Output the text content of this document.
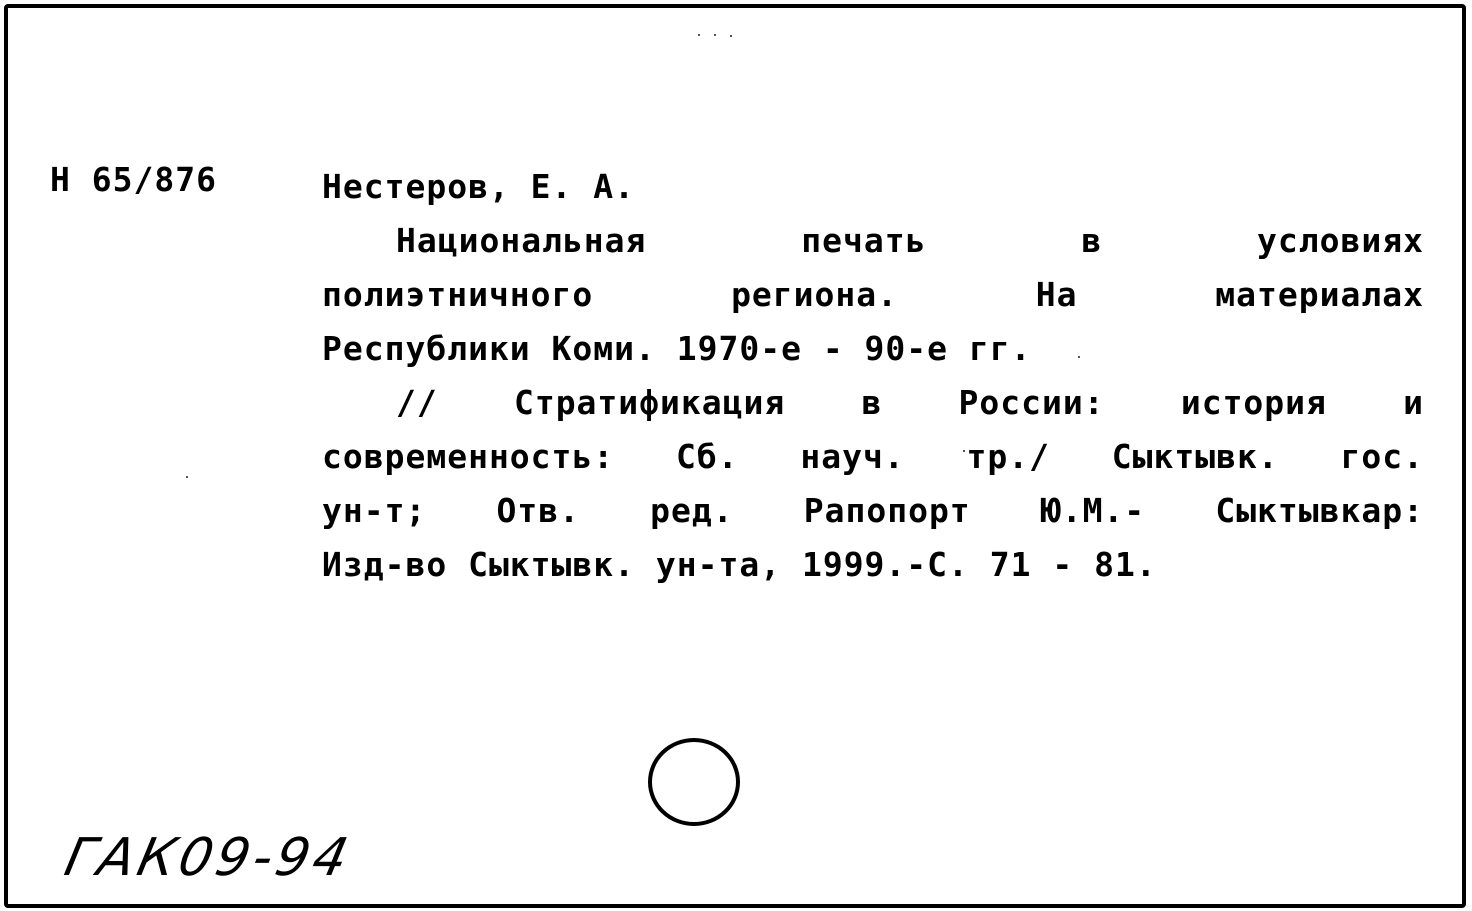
Н 65/876	Нестеров, Е. А.
Национальная печать в условиях
полиэтничного региона. На материалах
Республики Коми. 1970-е - 90-е гг.
// Стратификация в России: история и
современность: Сб. науч. тр./ Сыктывк. гос.
ун-т; Отв. ред. Рапопорт Ю.М.- Сыктывкар:
Изд-во Сыктывк. ун-та, 1999.-С. 71 - 81.
ГАК09-94
